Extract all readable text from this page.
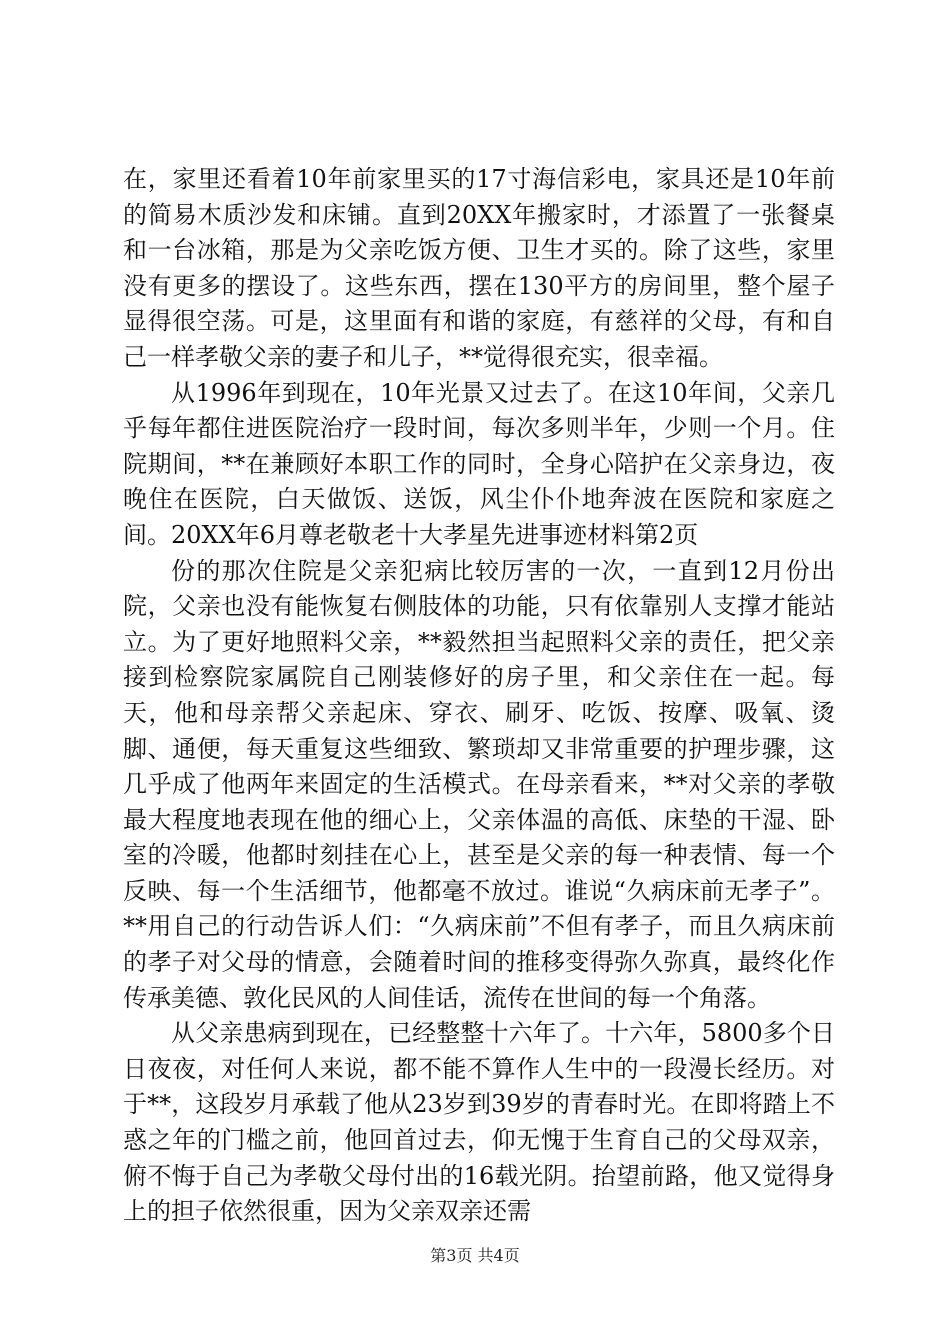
在，家里还看着10年前家里买的17寸海信彩电，家具还是10年前的简易木质沙发和床铺。直到20XX年搬家时，才添置了一张餐桌和一台冰箱，那是为父亲吃饭方便、卫生才买的。除了这些，家里没有更多的摆设了。这些东西，摆在130平方的房间里，整个屋子显得很空荡。可是，这里面有和谐的家庭，有慈祥的父母，有和自己一样孝敬父亲的妻子和儿子，**觉得很充实，很幸福。

从1996年到现在，10年光景又过去了。在这10年间，父亲几乎每年都住进医院治疗一段时间，每次多则半年，少则一个月。住院期间，**在兼顾好本职工作的同时，全身心陪护在父亲身边，夜晚住在医院，白天做饭、送饭，风尘仆仆地奔波在医院和家庭之间。20XX年6月尊老敬老十大孝星先进事迹材料第2页

份的那次住院是父亲犯病比较厉害的一次，一直到12月份出院，父亲也没有能恢复右侧肢体的功能，只有依靠别人支撑才能站立。为了更好地照料父亲，**毅然担当起照料父亲的责任，把父亲接到检察院家属院自己刚装修好的房子里，和父亲住在一起。每天，他和母亲帮父亲起床、穿衣、刷牙、吃饭、按摩、吸氧、烫脚、通便，每天重复这些细致、繁琐却又非常重要的护理步骤，这几乎成了他两年来固定的生活模式。在母亲看来，**对父亲的孝敬最大程度地表现在他的细心上，父亲体温的高低、床垫的干湿、卧室的冷暖，他都时刻挂在心上，甚至是父亲的每一种表情、每一个反映、每一个生活细节，他都毫不放过。谁说“久病床前无孝子”。**用自己的行动告诉人们：“久病床前”不但有孝子，而且久病床前的孝子对父母的情意，会随着时间的推移变得弥久弥真，最终化作传承美德、敦化民风的人间佳话，流传在世间的每一个角落。

从父亲患病到现在，已经整整十六年了。十六年，5800多个日日夜夜，对任何人来说，都不能不算作人生中的一段漫长经历。对于**，这段岁月承载了他从23岁到39岁的青春时光。在即将踏上不惑之年的门槛之前，他回首过去，仰无愧于生育自己的父母双亲，俯不悔于自己为孝敬父母付出的16载光阴。抬望前路，他又觉得身上的担子依然很重，因为父亲双亲还需

第3页 共4页
